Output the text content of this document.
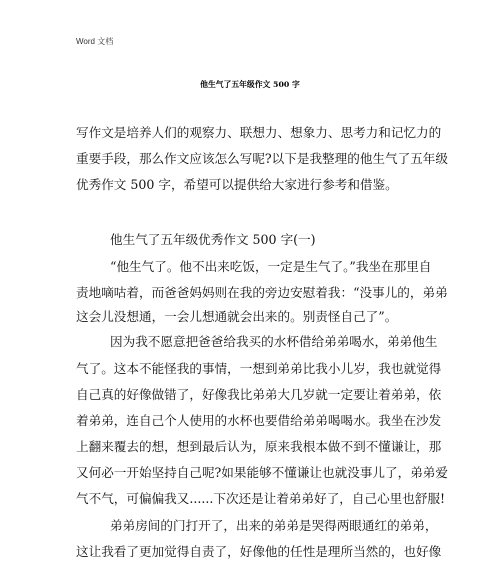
Word 文档
他生气了五年级作文 500 字
写作文是培养人们的观察力、联想力、想象力、思考力和记忆力的
重要手段，那么作文应该怎么写呢?以下是我整理的他生气了五年级
优秀作文 500 字，希望可以提供给大家进行参考和借鉴。
他生气了五年级优秀作文 500 字(一)
“他生气了。他不出来吃饭，一定是生气了。”我坐在那里自
责地嘀咕着，而爸爸妈妈则在我的旁边安慰着我：“没事儿的，弟弟
这会儿没想通，一会儿想通就会出来的。别责怪自己了”。
因为我不愿意把爸爸给我买的水杯借给弟弟喝水，弟弟他生
气了。这本不能怪我的事情，一想到弟弟比我小儿岁，我也就觉得
自己真的好像做错了，好像我比弟弟大几岁就一定要让着弟弟，依
着弟弟，连自己个人使用的水杯也要借给弟弟喝喝水。我坐在沙发
上翻来覆去的想，想到最后认为，原来我根本做不到不懂谦让，那
又何必一开始坚持自己呢?如果能够不懂谦让也就没事儿了，弟弟爱
气不气，可偏偏我又......下次还是让着弟弟好了，自己心里也舒服!
弟弟房间的门打开了，出来的弟弟是哭得两眼通红的弟弟，
这让我看了更加觉得自责了，好像他的任性是理所当然的，也好像
